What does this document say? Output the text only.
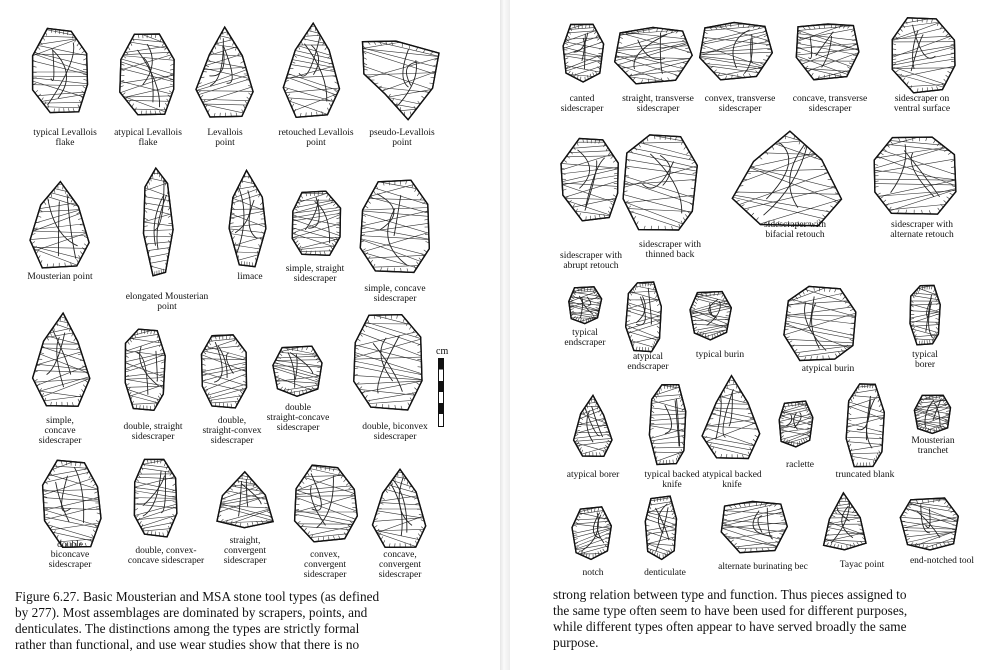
typical Levallois
flake
atypical Levallois
flake
Levallois
point
retouched Levallois
point
pseudo-Levallois
point
Mousterian point
elongated Mousterian
point
limace
simple, straight
sidescraper
simple, concave
sidescraper
simple,
concave
sidescraper
double, straight
sidescraper
double,
straight-convex
sidescraper
double
straight-concave
sidescraper	double, biconvex
sidescraper
double
biconcave
sidescraper
double, convex-
concave sidescraper
straight,
convergent
sidescraper
convex,
convergent
sidescraper
concave,
convergent
sidescraper
cm
Figure 6.27. Basic Mousterian and MSA stone tool types (as defined
by 277). Most assemblages are dominated by scrapers, points, and
denticulates. The distinctions among the types are strictly formal
rather than functional, and use wear studies show that there is no
canted
sidescraper
straight, transverse
sidescraper
convex, transverse
sidescraper
concave, transverse
sidescraper
sidescraper on
ventral surface
sidescraper with
abrupt retouch
sidescraper with
thinned back
sidescraper with
bifacial retouch
sidescraper with
alternate retouch
typical
endscraper
atypical
endscraper
typical burin
atypical burin
typical
borer
atypical borer	typical backed
knife
atypical backed
knife
raclette
truncated blank
Mousterian
tranchet
notch	denticulate
alternate burinating bec	Tayac point	end-notched tool
strong relation between type and function. Thus pieces assigned to
the same type often seem to have been used for different purposes,
while different types often appear to have served broadly the same
purpose.
